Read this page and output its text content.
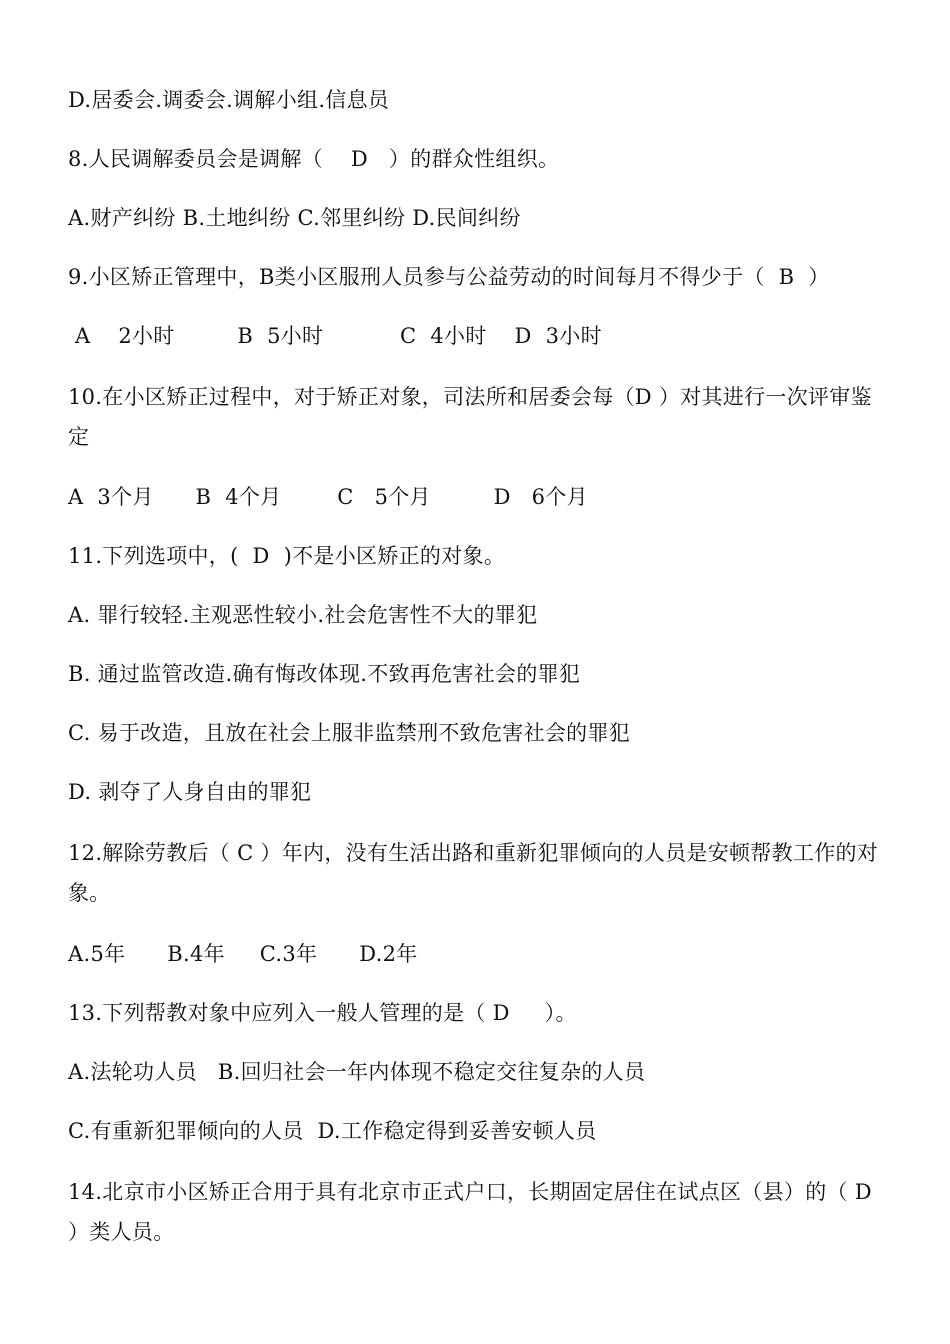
D.居委会.调委会.调解小组.信息员
8.人民调解委员会是调解（    D   ）的群众性组织。
A.财产纠纷 B.土地纠纷 C.邻里纠纷 D.民间纠纷
9.小区矫正管理中，B类小区服刑人员参与公益劳动的时间每月不得少于（  B  ）
A    2小时         B  5小时           C  4小时    D  3小时
10.在小区矫正过程中，对于矫正对象，司法所和居委会每（D ）对其进行一次评审鉴定
A  3个月      B  4个月        C   5个月         D   6个月
11.下列选项中，(  D  )不是小区矫正的对象。
A. 罪行较轻.主观恶性较小.社会危害性不大的罪犯
B. 通过监管改造.确有悔改体现.不致再危害社会的罪犯
C. 易于改造，且放在社会上服非监禁刑不致危害社会的罪犯
D. 剥夺了人身自由的罪犯
12.解除劳教后（ C ）年内，没有生活出路和重新犯罪倾向的人员是安顿帮教工作的对象。
A.5年      B.4年     C.3年      D.2年
13.下列帮教对象中应列入一般人管理的是（ D     ）。
A.法轮功人员   B.回归社会一年内体现不稳定交往复杂的人员
C.有重新犯罪倾向的人员  D.工作稳定得到妥善安顿人员
14.北京市小区矫正合用于具有北京市正式户口，长期固定居住在试点区（县）的（ D ）类人员。
